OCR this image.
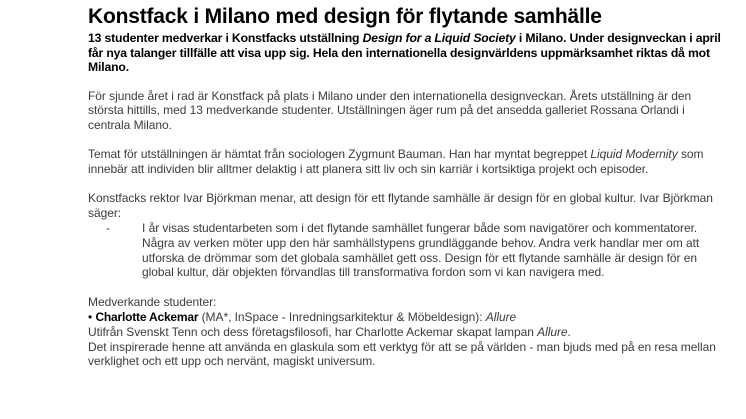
Konstfack i Milano med design för flytande samhälle

13 studenter medverkar i Konstfacks utställning Design for a Liquid Society i Milano. Under designveckan i april får nya talanger tillfälle att visa upp sig. Hela den internationella designvärldens uppmärksamhet riktas då mot Milano.

För sjunde året i rad är Konstfack på plats i Milano under den internationella designveckan. Årets utställning är den största hittills, med 13 medverkande studenter. Utställningen äger rum på det ansedda galleriet Rossana Orlandi i centrala Milano.

Temat för utställningen är hämtat från sociologen Zygmunt Bauman. Han har myntat begreppet Liquid Modernity som innebär att individen blir alltmer delaktig i att planera sitt liv och sin karriär i kortsiktiga projekt och episoder.

Konstfacks rektor Ivar Björkman menar, att design för ett flytande samhälle är design för en global kultur. Ivar Björkman säger:

-	I år visas studentarbeten som i det flytande samhället fungerar både som navigatörer och kommentatorer. Några av verken möter upp den här samhällstypens grundläggande behov. Andra verk handlar mer om att utforska de drömmar som det globala samhället gett oss. Design för ett flytande samhälle är design för en global kultur, där objekten förvandlas till transformativa fordon som vi kan navigera med.

Medverkande studenter:

• Charlotte Ackemar (MA*, InSpace - Inredningsarkitektur & Möbeldesign): Allure

Utifrån Svenskt Tenn och dess företagsfilosofi, har Charlotte Ackemar skapat lampan Allure.

Det inspirerade henne att använda en glaskula som ett verktyg för att se på världen - man bjuds med på en resa mellan verklighet och ett upp och nervänt, magiskt universum.
